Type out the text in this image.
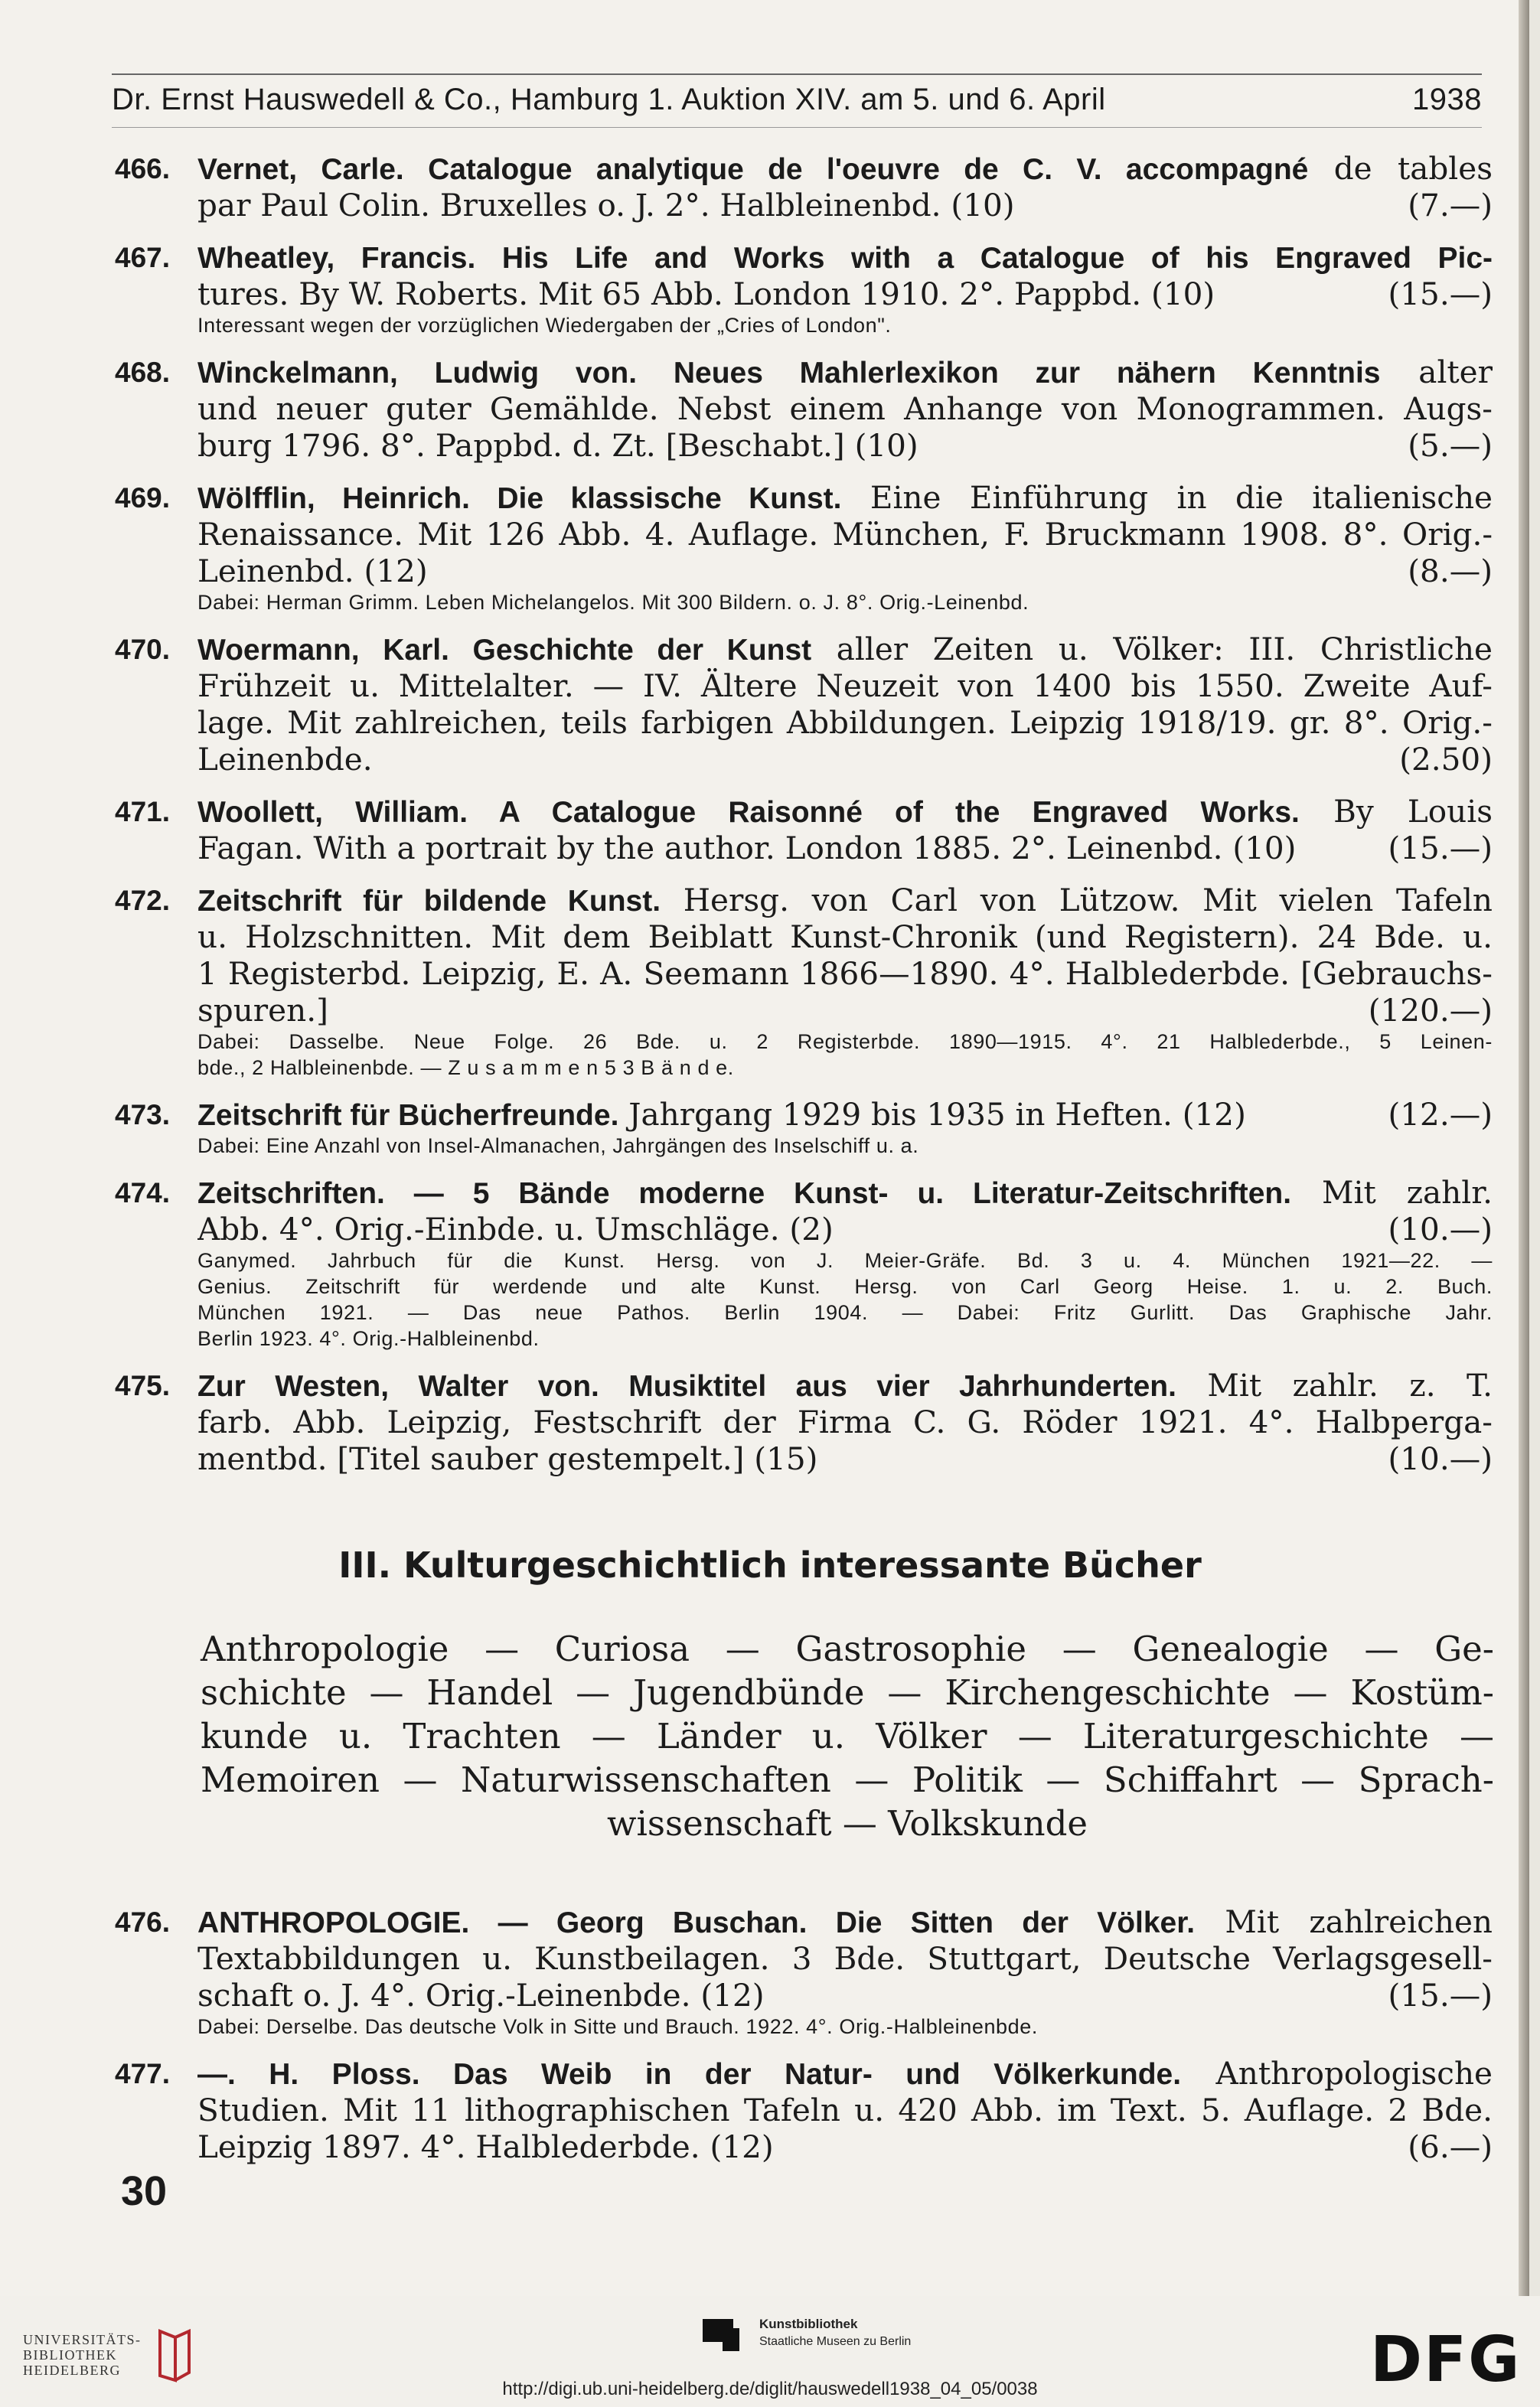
Dr. Ernst Hauswedell & Co., Hamburg 1. Auktion XIV. am 5. und 6. April	1938
466. Vernet, Carle. Catalogue analytique de l'oeuvre de C. V. accompagné de tables
par Paul Colin. Bruxelles o. J. 2°. Halbleinenbd. (10)	(7.—)
467. Wheatley, Francis. His Life and Works with a Catalogue of his Engraved Pic-
tures. By W. Roberts. Mit 65 Abb. London 1910. 2°. Pappbd. (10)	(15.—)
Interessant wegen der vorzüglichen Wiedergaben der „Cries of London".
468. Winckelmann, Ludwig von. Neues Mahlerlexikon zur nähern Kenntnis alter
und neuer guter Gemählde. Nebst einem Anhange von Monogrammen. Augs-
burg 1796. 8°. Pappbd. d. Zt. [Beschabt.] (10)	(5.—)
469. Wölfflin, Heinrich. Die klassische Kunst. Eine Einführung in die italienische
Renaissance. Mit 126 Abb. 4. Auflage. München, F. Bruckmann 1908. 8°. Orig.-
Leinenbd. (12)	(8.—)
Dabei: Herman Grimm. Leben Michelangelos. Mit 300 Bildern. o. J. 8°. Orig.-Leinenbd.
470. Woermann, Karl. Geschichte der Kunst aller Zeiten u. Völker: III. Christliche
Frühzeit u. Mittelalter. — IV. Ältere Neuzeit von 1400 bis 1550. Zweite Auf-
lage. Mit zahlreichen, teils farbigen Abbildungen. Leipzig 1918/19. gr. 8°. Orig.-
Leinenbde.	(2.50)
471. Woollett, William. A Catalogue Raisonné of the Engraved Works. By Louis
Fagan. With a portrait by the author. London 1885. 2°. Leinenbd. (10)	(15.—)
472. Zeitschrift für bildende Kunst. Hersg. von Carl von Lützow. Mit vielen Tafeln
u. Holzschnitten. Mit dem Beiblatt Kunst-Chronik (und Registern). 24 Bde. u.
1 Registerbd. Leipzig, E. A. Seemann 1866—1890. 4°. Halblederbde. [Gebrauchs-
spuren.]	(120.—)
Dabei: Dasselbe. Neue Folge. 26 Bde. u. 2 Registerbde. 1890—1915. 4°. 21 Halblederbde., 5 Leinen-
bde., 2 Halbleinenbde. — Z u s a m m e n 5 3 B ä n d e.
473. Zeitschrift für Bücherfreunde. Jahrgang 1929 bis 1935 in Heften. (12)	(12.—)
Dabei: Eine Anzahl von Insel-Almanachen, Jahrgängen des Inselschiff u. a.
474. Zeitschriften. — 5 Bände moderne Kunst- u. Literatur-Zeitschriften. Mit zahlr.
Abb. 4°. Orig.-Einbde. u. Umschläge. (2)	(10.—)
Ganymed. Jahrbuch für die Kunst. Hersg. von J. Meier-Gräfe. Bd. 3 u. 4. München 1921—22. —
Genius. Zeitschrift für werdende und alte Kunst. Hersg. von Carl Georg Heise. 1. u. 2. Buch.
München 1921. — Das neue Pathos. Berlin 1904. — Dabei: Fritz Gurlitt. Das Graphische Jahr.
Berlin 1923. 4°. Orig.-Halbleinenbd.
475. Zur Westen, Walter von. Musiktitel aus vier Jahrhunderten. Mit zahlr. z. T.
farb. Abb. Leipzig, Festschrift der Firma C. G. Röder 1921. 4°. Halbperga-
mentbd. [Titel sauber gestempelt.] (15)	(10.—)
III. Kulturgeschichtlich interessante Bücher
Anthropologie — Curiosa — Gastrosophie — Genealogie — Ge-
schichte — Handel — Jugendbünde — Kirchengeschichte — Kostüm-
kunde u. Trachten — Länder u. Völker — Literaturgeschichte —
Memoiren — Naturwissenschaften — Politik — Schiffahrt — Sprach-
wissenschaft — Volkskunde
476. ANTHROPOLOGIE. — Georg Buschan. Die Sitten der Völker. Mit zahlreichen
Textabbildungen u. Kunstbeilagen. 3 Bde. Stuttgart, Deutsche Verlagsgesell-
schaft o. J. 4°. Orig.-Leinenbde. (12)	(15.—)
Dabei: Derselbe. Das deutsche Volk in Sitte und Brauch. 1922. 4°. Orig.-Halbleinenbde.
477. —. H. Ploss. Das Weib in der Natur- und Völkerkunde. Anthropologische
Studien. Mit 11 lithographischen Tafeln u. 420 Abb. im Text. 5. Auflage. 2 Bde.
Leipzig 1897. 4°. Halblederbde. (12)	(6.—)
30
UNIVERSITÄTS-
BIBLIOTHEK
HEIDELBERG
Kunstbibliothek
Staatliche Museen zu Berlin	DFG
http://digi.ub.uni-heidelberg.de/diglit/hauswedell1938_04_05/0038
